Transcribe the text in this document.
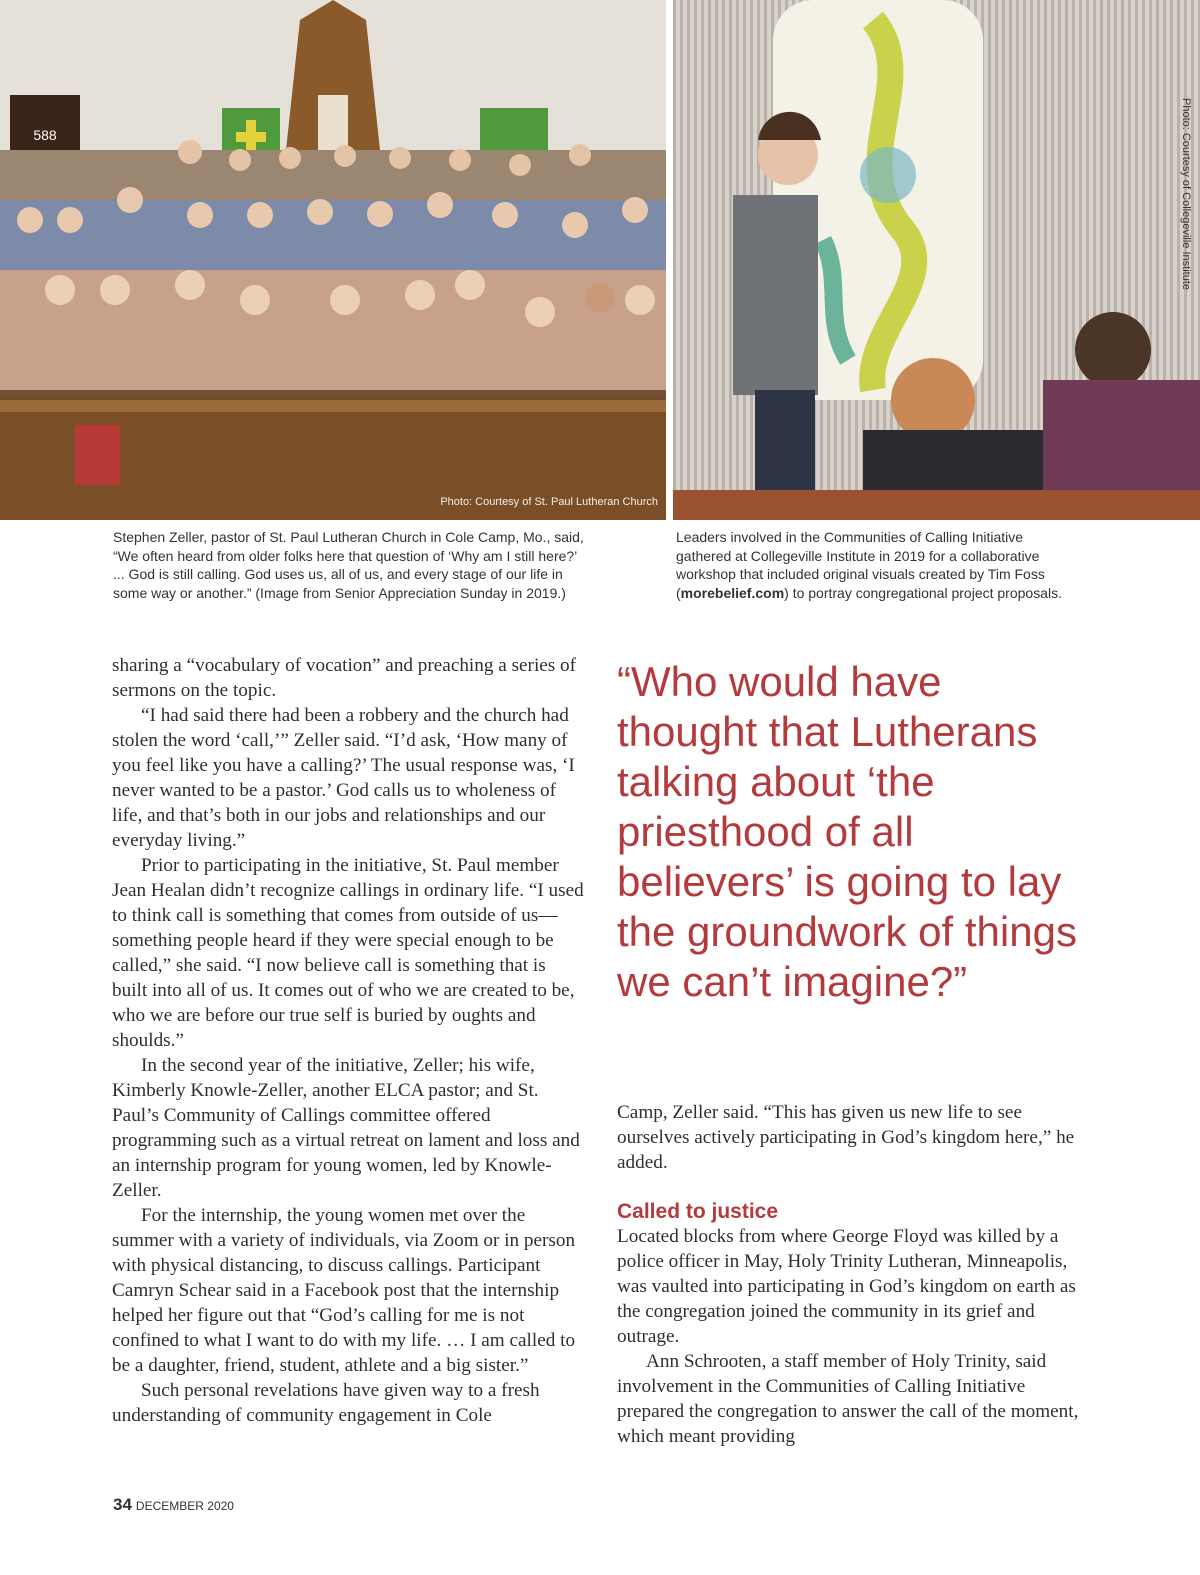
588
Photo: Courtesy of St. Paul Lutheran Church
Photo: Courtesy of Collegeville Institute
Stephen Zeller, pastor of St. Paul Lutheran Church in Cole Camp, Mo., said, “We often heard from older folks here that question of ‘Why am I still here?’ ... God is still calling. God uses us, all of us, and every stage of our life in some way or another.” (Image from Senior Appreciation Sunday in 2019.)
Leaders involved in the Communities of Calling Initiative gathered at Collegeville Institute in 2019 for a collaborative workshop that included original visuals created by Tim Foss (morebelief.com) to portray congregational project proposals.

sharing a “vocabulary of vocation” and preaching a series of sermons on the topic.

“I had said there had been a robbery and the church had stolen the word ‘call,’” Zeller said. “I’d ask, ‘How many of you feel like you have a calling?’ The usual response was, ‘I never wanted to be a pastor.’ God calls us to wholeness of life, and that’s both in our jobs and relationships and our everyday living.”

Prior to participating in the initiative, St. Paul member Jean Healan didn’t recognize callings in ordinary life. “I used to think call is something that comes from outside of us—something people heard if they were special enough to be called,” she said. “I now believe call is something that is built into all of us. It comes out of who we are created to be, who we are before our true self is buried by oughts and shoulds.”

In the second year of the initiative, Zeller; his wife, Kimberly Knowle-Zeller, another ELCA pastor; and St. Paul’s Community of Callings committee offered programming such as a virtual retreat on lament and loss and an internship program for young women, led by Knowle-Zeller.

For the internship, the young women met over the summer with a variety of individuals, via Zoom or in person with physical distancing, to discuss callings. Participant Camryn Schear said in a Facebook post that the internship helped her figure out that “God’s calling for me is not confined to what I want to do with my life. … I am called to be a daughter, friend, student, athlete and a big sister.”

Such personal revelations have given way to a fresh understanding of community engagement in Cole

“Who would have thought that Lutherans talking about ‘the priesthood of all believers’ is going to lay the groundwork of things we can’t imagine?”

Camp, Zeller said. “This has given us new life to see ourselves actively participating in God’s kingdom here,” he added.

Called to justice

Located blocks from where George Floyd was killed by a police officer in May, Holy Trinity Lutheran, Minneapolis, was vaulted into participating in God’s kingdom on earth as the congregation joined the community in its grief and outrage.

Ann Schrooten, a staff member of Holy Trinity, said involvement in the Communities of Calling Initiative prepared the congregation to answer the call of the moment, which meant providing

34 DECEMBER 2020
